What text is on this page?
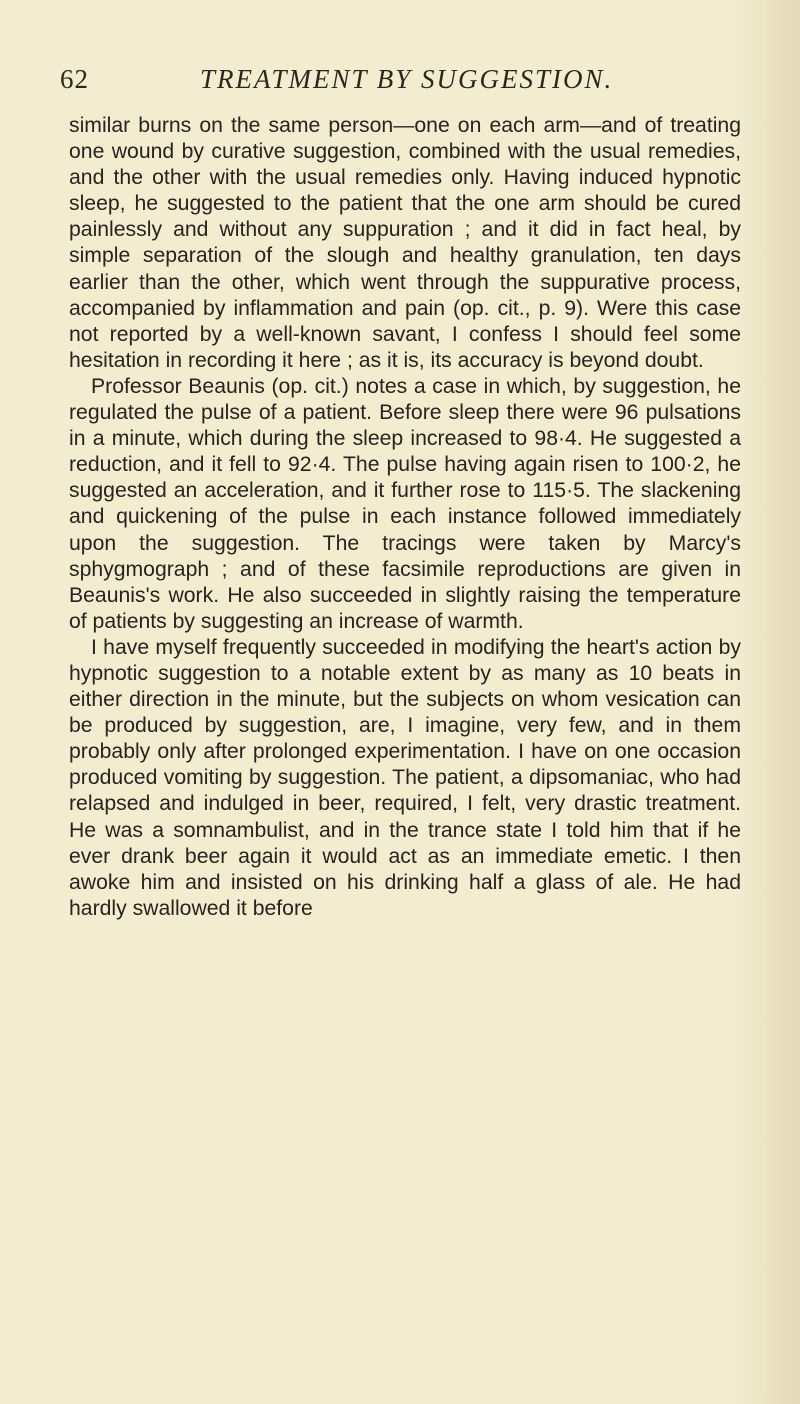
62	TREATMENT BY SUGGESTION.

similar burns on the same person—one on each arm—and of treating one wound by curative suggestion, combined with the usual remedies, and the other with the usual remedies only. Having induced hypnotic sleep, he suggested to the patient that the one arm should be cured painlessly and without any suppuration ; and it did in fact heal, by simple separation of the slough and healthy granulation, ten days earlier than the other, which went through the suppurative process, accompanied by inflammation and pain (op. cit., p. 9). Were this case not reported by a well-known savant, I confess I should feel some hesitation in recording it here ; as it is, its accuracy is beyond doubt.

Professor Beaunis (op. cit.) notes a case in which, by suggestion, he regulated the pulse of a patient. Before sleep there were 96 pulsations in a minute, which during the sleep increased to 98·4. He suggested a reduction, and it fell to 92·4. The pulse having again risen to 100·2, he suggested an acceleration, and it further rose to 115·5. The slackening and quickening of the pulse in each instance followed immediately upon the suggestion. The tracings were taken by Marcy's sphygmograph ; and of these facsimile reproductions are given in Beaunis's work. He also succeeded in slightly raising the temperature of patients by suggesting an increase of warmth.

I have myself frequently succeeded in modifying the heart's action by hypnotic suggestion to a notable extent by as many as 10 beats in either direction in the minute, but the subjects on whom vesication can be produced by suggestion, are, I imagine, very few, and in them probably only after prolonged experimentation. I have on one occasion produced vomiting by suggestion. The patient, a dipsomaniac, who had relapsed and indulged in beer, required, I felt, very drastic treatment. He was a somnambulist, and in the trance state I told him that if he ever drank beer again it would act as an immediate emetic. I then awoke him and insisted on his drinking half a glass of ale. He had hardly swallowed it before
